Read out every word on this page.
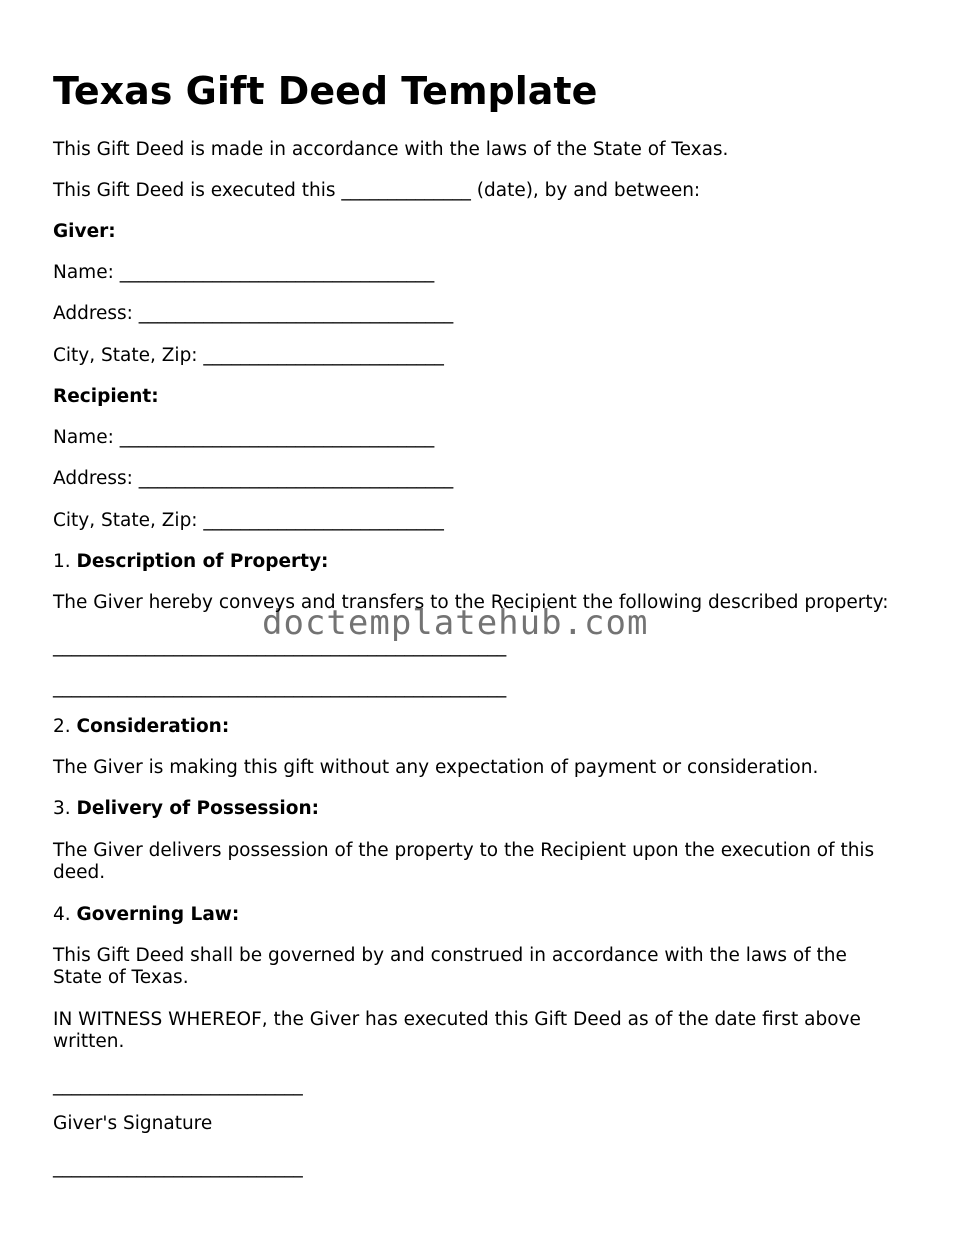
Texas Gift Deed Template
This Gift Deed is made in accordance with the laws of the State of Texas.
This Gift Deed is executed this ______________ (date), by and between:
Giver:
Name: __________________________________
Address: __________________________________
City, State, Zip: __________________________
Recipient:
Name: __________________________________
Address: __________________________________
City, State, Zip: __________________________
1. Description of Property:
The Giver hereby conveys and transfers to the Recipient the following described property:
_________________________________________________
_________________________________________________
2. Consideration:
The Giver is making this gift without any expectation of payment or consideration.
3. Delivery of Possession:
The Giver delivers possession of the property to the Recipient upon the execution of this deed.
4. Governing Law:
This Gift Deed shall be governed by and construed in accordance with the laws of the State of Texas.
IN WITNESS WHEREOF, the Giver has executed this Gift Deed as of the date first above written.
___________________________
Giver's Signature
___________________________
doctemplatehub.com
